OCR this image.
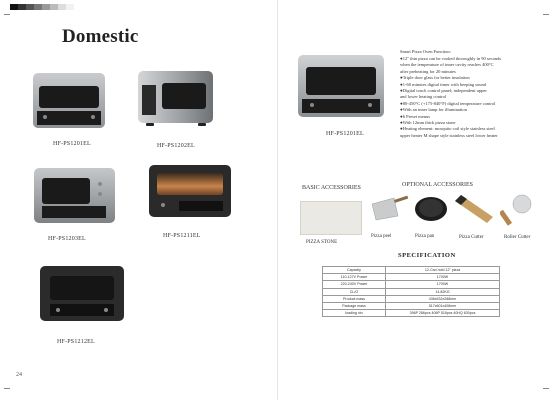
Domestic
HF-PS1201EL	HF-PS1202EL
HF-PS1201EL
HF-PS1203EL	HF-PS1211EL
HF-PS1212EL
Smart Pizza Oven Function:
●12" thin pizza can be cooked thoroughly in 90 seconds
when the temperature of inner cavity reaches 400°C
after preheating for 20 minutes
●Triple door glass for better insulation
●1-60 minutes digital timer with beeping sound
●Digital touch control panel; independent upper
and lower heating control
●80-450°C (+175-840°F) digital temperature control
●With an inner lamp for illumination
●6 Preset menus
●With 12mm thick pizza stone
●Heating element: mosquito coil style stainless steel
upper heater M shape style stainless steel lower heater
BASIC ACCESSORIES	OPTIONAL ACCESSORIES
PIZZA STONE
Pizza peel	Pizza pan	Pizza Cutter	Roller Cutter
SPECIFICATION
Capacity	12-Can hold 12" pizza
110-127V Power	1700W
220-240V Power	1700W
CL/O	14.82KG
Product mass	436x532x288mm
Package mass	517x601x408mm
loading ctn	396P 286pcs 406P 516pcs 40HQ 630pcs
24
